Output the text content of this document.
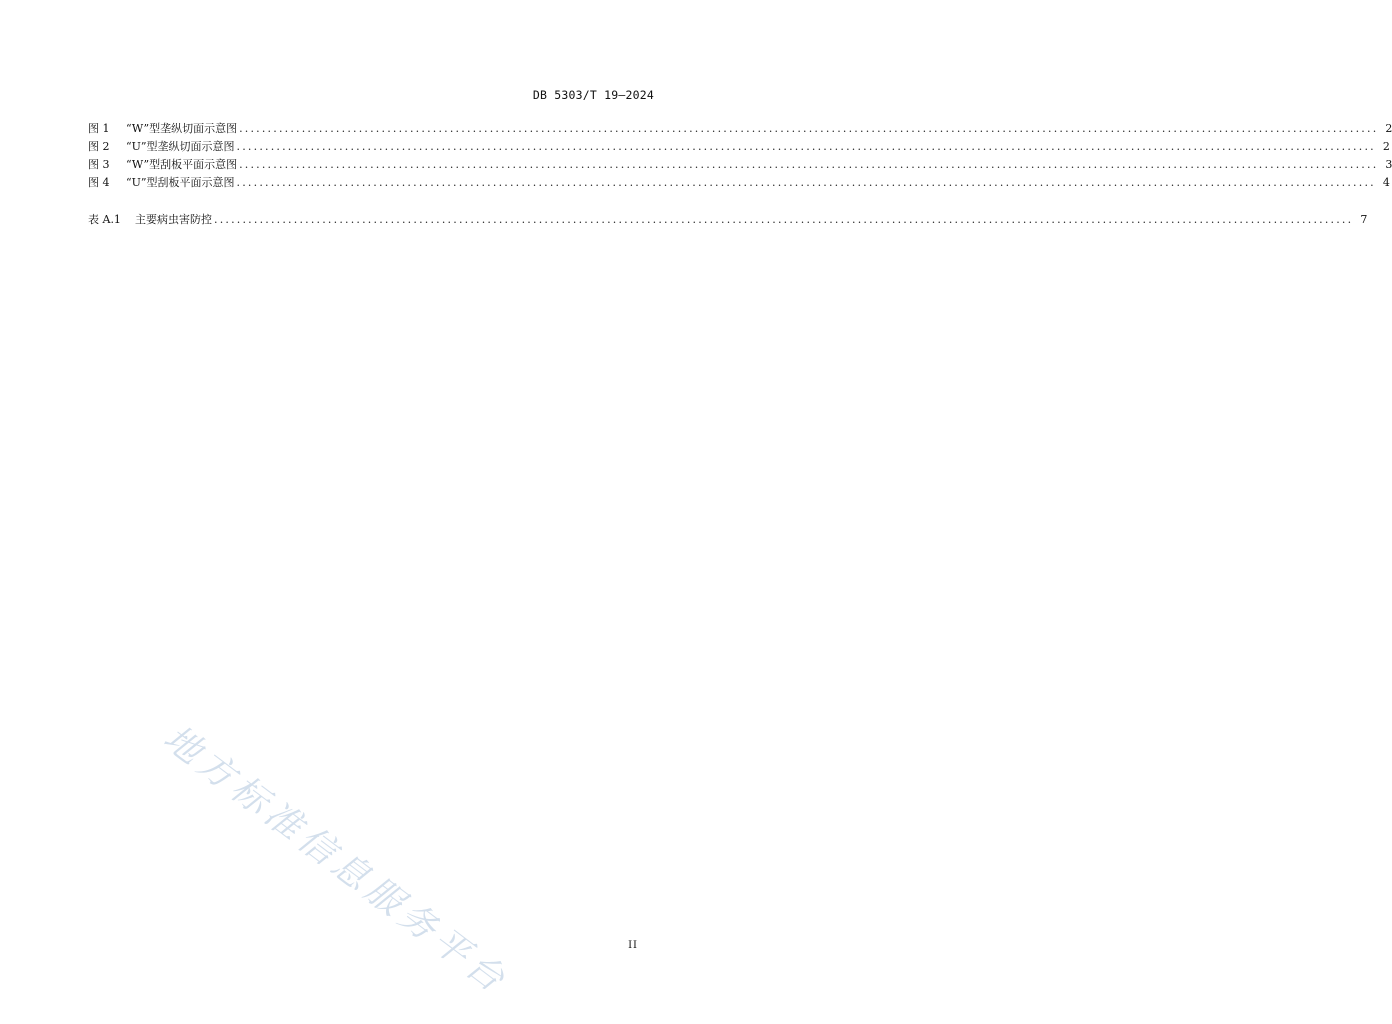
DB 5303/T 19—2024
图 1	“W”型垄纵切面示意图 ........................................................................................................................................................................................................ 2
图 2	“U”型垄纵切面示意图 ........................................................................................................................................................................................................ 2
图 3	“W”型刮板平面示意图 ........................................................................................................................................................................................................ 3
图 4	“U”型刮板平面示意图 ........................................................................................................................................................................................................ 4
表 A.1	主要病虫害防控 ........................................................................................................................................................................................................ 7
地方标准信息服务平台	II
